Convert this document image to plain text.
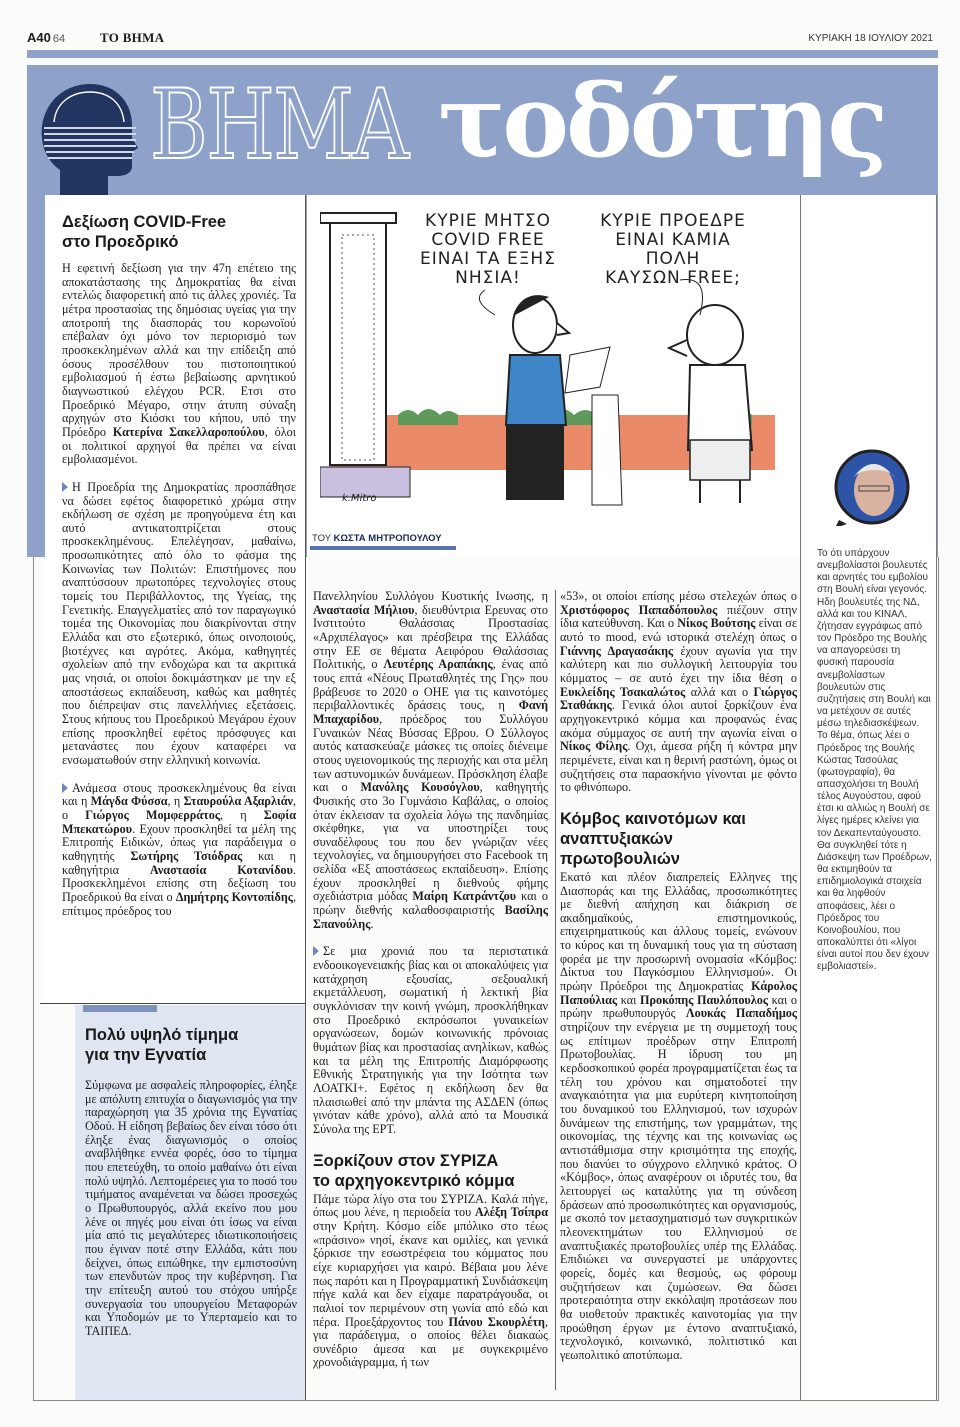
Α40 64	ΤΟ ΒΗΜΑ	ΚΥΡΙΑΚΗ 18 ΙΟΥΛΙΟΥ 2021
ΒΗΜΑ τοδότης
k.Mitro
ΚΥΡΙΕ ΜΗΤΣΟ
COVID FREE
ΕΙΝΑΙ ΤΑ ΕΞΗΣ
ΝΗΣΙΑ!
ΚΥΡΙΕ ΠΡΟΕΔΡΕ
ΕΙΝΑΙ ΚΑΜΙΑ
ΠΟΛΗ
ΚΑΥΣΩΝ FREE;
ΤΟΥ ΚΩΣΤΑ ΜΗΤΡΟΠΟΥΛΟΥ
Δεξίωση COVID-Free
στο Προεδρικό

Η εφετινή δεξίωση για την 47η επέτειο της αποκατάστασης της Δημοκρατίας θα είναι εντελώς διαφορετική από τις άλλες χρονιές. Τα μέτρα προστασίας της δημόσιας υγείας για την αποτροπή της διασποράς του κορωνοϊού επέβαλαν όχι μόνο τον περιορισμό των προσκεκλημένων αλλά και την επίδειξη από όσους προσέλθουν του πιστοποιητικού εμβολιασμού ή έστω βεβαίωσης αρνητικού διαγνωστικού ελέγχου PCR. Ετσι στο Προεδρικό Μέγαρο, στην άτυπη σύναξη αρχηγών στο Κιόσκι του κήπου, υπό την Πρόεδρο Κατερίνα Σακελλαροπούλου, όλοι οι πολιτικοί αρχηγοί θα πρέπει να είναι εμβολιασμένοι.

Η Προεδρία της Δημοκρατίας προσπάθησε να δώσει εφέτος διαφορετικό χρώμα στην εκδήλωση σε σχέση με προηγούμενα έτη και αυτό αντικατοπτρίζεται στους προσκεκλημένους. Επελέγησαν, μαθαίνω, προσωπικότητες από όλο το φάσμα της Κοινωνίας των Πολιτών: Επιστήμονες που αναπτύσσουν πρωτοπόρες τεχνολογίες στους τομείς του Περιβάλλοντος, της Υγείας, της Γενετικής. Επαγγελματίες από τον παραγωγικό τομέα της Οικονομίας που διακρίνονται στην Ελλάδα και στο εξωτερικό, όπως οινοποιούς, βιοτέχνες και αγρότες. Ακόμα, καθηγητές σχολείων από την ενδοχώρα και τα ακριτικά μας νησιά, οι οποίοι δοκιμάστηκαν με την εξ αποστάσεως εκπαίδευση, καθώς και μαθητές που διέπρεψαν στις πανελλήνιες εξετάσεις. Στους κήπους του Προεδρικού Μεγάρου έχουν επίσης προσκληθεί εφέτος πρόσφυγες και μετανάστες που έχουν καταφέρει να ενσωματωθούν στην ελληνική κοινωνία.

Ανάμεσα στους προσκεκλημένους θα είναι και η Μάγδα Φύσσα, η Σταυρούλα Αξαρλιάν, ο Γιώργος Μομφερράτος, η Σοφία Μπεκατώρου. Εχουν προσκληθεί τα μέλη της Επιτροπής Ειδικών, όπως για παράδειγμα ο καθηγητής Σωτήρης Τσιόδρας και η καθηγήτρια Αναστασία Κοτανίδου. Προσκεκλημένοι επίσης στη δεξίωση του Προεδρικού θα είναι ο Δημήτρης Κοντοπίδης, επίτιμος πρόεδρος του

Πανελληνίου Συλλόγου Κυστικής Ινωσης, η Αναστασία Μήλιου, διευθύντρια Ερευνας στο Ινστιτούτο Θαλάσσιας Προστασίας «Αρχιπέλαγος» και πρέσβειρα της Ελλάδας στην ΕΕ σε θέματα Αειφόρου Θαλάσσιας Πολιτικής, ο Λευτέρης Αραπάκης, ένας από τους επτά «Νέους Πρωταθλητές της Γης» που βράβευσε το 2020 ο ΟΗΕ για τις καινοτόμες περιβαλλοντικές δράσεις τους, η Φανή Μπαχαρίδου, πρόεδρος του Συλλόγου Γυναικών Νέας Βύσσας Εβρου. Ο Σύλλογος αυτός κατασκεύαζε μάσκες τις οποίες διένειμε στους υγειονομικούς της περιοχής και στα μέλη των αστυνομικών δυνάμεων. Πρόσκληση έλαβε και ο Μανόλης Κουσόγλου, καθηγητής Φυσικής στο 3ο Γυμνάσιο Καβάλας, ο οποίος όταν έκλεισαν τα σχολεία λόγω της πανδημίας σκέφθηκε, για να υποστηρίξει τους συναδέλφους του που δεν γνώριζαν νέες τεχνολογίες, να δημιουργήσει στο Facebook τη σελίδα «Εξ αποστάσεως εκπαίδευση». Επίσης έχουν προσκληθεί η διεθνούς φήμης σχεδιάστρια μόδας Μαίρη Κατράντζου και ο πρώην διεθνής καλαθοσφαιριστής Βασίλης Σπανούλης.

Σε μια χρονιά που τα περιστατικά ενδοοικογενειακής βίας και οι αποκαλύψεις για κατάχρηση εξουσίας, σεξουαλική εκμετάλλευση, σωματική ή λεκτική βία συγκλόνισαν την κοινή γνώμη, προσκλήθηκαν στο Προεδρικό εκπρόσωποι γυναικείων οργανώσεων, δομών κοινωνικής πρόνοιας θυμάτων βίας και προστασίας ανηλίκων, καθώς και τα μέλη της Επιτροπής Διαμόρφωσης Εθνικής Στρατηγικής για την Ισότητα των ΛΟΑΤΚΙ+. Εφέτος η εκδήλωση δεν θα πλαισιωθεί από την μπάντα της ΑΣΔΕΝ (όπως γινόταν κάθε χρόνο), αλλά από τα Μουσικά Σύνολα της ΕΡΤ.

Ξορκίζουν στον ΣΥΡΙΖΑ
το αρχηγοκεντρικό κόμμα

Πάμε τώρα λίγο στα του ΣΥΡΙΖΑ. Καλά πήγε, όπως μου λένε, η περιοδεία του Αλέξη Τσίπρα στην Κρήτη. Κόσμο είδε μπόλικο στο τέως «πράσινο» νησί, έκανε και ομιλίες, και γενικά ξόρκισε την εσωστρέφεια του κόμματος που είχε κυριαρχήσει για καιρό. Βέβαια μου λένε πως παρότι και η Προγραμματική Συνδιάσκεψη πήγε καλά και δεν είχαμε παρατράγουδα, οι παλιοί τον περιμένουν στη γωνία από εδώ και πέρα. Προεξάρχοντος του Πάνου Σκουρλέτη, για παράδειγμα, ο οποίος θέλει διακαώς συνέδριο άμεσα και με συγκεκριμένο χρονοδιάγραμμα, ή των

«53», οι οποίοι επίσης μέσω στελεχών όπως ο Χριστόφορος Παπαδόπουλος πιέζουν στην ίδια κατεύθυνση. Και ο Νίκος Βούτσης είναι σε αυτό το mood, ενώ ιστορικά στελέχη όπως ο Γιάννης Δραγασάκης έχουν αγωνία για την καλύτερη και πιο συλλογική λειτουργία του κόμματος – σε αυτό έχει την ίδια θέση ο Ευκλείδης Τσακαλώτος αλλά και ο Γιώργος Σταθάκης. Γενικά όλοι αυτοί ξορκίζουν ένα αρχηγοκεντρικό κόμμα και προφανώς ένας ακόμα σύμμαχος σε αυτή την αγωνία είναι ο Νίκος Φίλης. Οχι, άμεσα ρήξη ή κόντρα μην περιμένετε, είναι και η θερινή ραστώνη, όμως οι συζητήσεις στα παρασκήνιο γίνονται με φόντο το φθινόπωρο.

Κόμβος καινοτόμων και
αναπτυξιακών πρωτοβουλιών

Εκατό και πλέον διαπρεπείς Ελληνες της Διασποράς και της Ελλάδας, προσωπικότητες με διεθνή απήχηση και διάκριση σε ακαδημαϊκούς, επιστημονικούς, επιχειρηματικούς και άλλους τομείς, ενώνουν το κύρος και τη δυναμική τους για τη σύσταση φορέα με την προσωρινή ονομασία «Κόμβος: Δίκτυα του Παγκόσμιου Ελληνισμού». Οι πρώην Πρόεδροι της Δημοκρατίας Κάρολος Παπούλιας και Προκόπης Παυλόπουλος και ο πρώην πρωθυπουργός Λουκάς Παπαδήμος στηρίζουν την ενέργεια με τη συμμετοχή τους ως επίτιμων προέδρων στην Επιτροπή Πρωτοβουλίας. Η ίδρυση του μη κερδοσκοπικού φορέα προγραμματίζεται έως τα τέλη του χρόνου και σηματοδοτεί την αναγκαιότητα για μια ευρύτερη κινητοποίηση του δυναμικού του Ελληνισμού, των ισχυρών δυνάμεων της επιστήμης, των γραμμάτων, της οικονομίας, της τέχνης και της κοινωνίας ως αντιστάθμισμα στην κρισιμότητα της εποχής, που διανύει το σύγχρονο ελληνικό κράτος. Ο «Κόμβος», όπως αναφέρουν οι ιδρυτές του, θα λειτουργεί ως καταλύτης για τη σύνδεση δράσεων από προσωπικότητες και οργανισμούς, με σκοπό τον μετασχηματισμό των συγκριτικών πλεονεκτημάτων του Ελληνισμού σε αναπτυξιακές πρωτοβουλίες υπέρ της Ελλάδας. Επιδιώκει να συνεργαστεί με υπάρχοντες φορείς, δομές και θεσμούς, ως φόρουμ συζητήσεων και ζυμώσεων. Θα δώσει προτεραιότητα στην εκκόλαψη προτάσεων που θα υιοθετούν πρακτικές καινοτομίας για την προώθηση έργων με έντονο αναπτυξιακό, τεχνολογικό, κοινωνικό, πολιτιστικό και γεωπολιτικό αποτύπωμα.

Το ότι υπάρχουν ανεμβολίαστοι βουλευτές και αρνητές του εμβολίου στη Βουλή είναι γεγονός. Ηδη βουλευτές της ΝΔ, αλλά και του ΚΙΝΑΛ, ζήτησαν εγγράφως από τον Πρόεδρο της Βουλής να απαγορεύσει τη φυσική παρουσία ανεμβολίαστων βουλευτών στις συζητήσεις στη Βουλή και να μετέχουν σε αυτές μέσω τηλεδιασκέψεων. Το θέμα, όπως λέει ο Πρόεδρος της Βουλής Κώστας Τασούλας (φωτογραφία), θα απασχολήσει τη Βουλή τέλος Αυγούστου, αφού έτσι κι αλλιώς η Βουλή σε λίγες ημέρες κλείνει για τον Δεκαπενταύγουστο. Θα συγκληθεί τότε η Διάσκεψη των Προέδρων, θα εκτιμηθούν τα επιδημιολογικά στοιχεία και θα ληφθούν αποφάσεις, λέει ο Πρόεδρος του Κοινοβουλίου, που αποκαλύπτει ότι «λίγοι είναι αυτοί που δεν έχουν εμβολιαστεί».
Πολύ υψηλό τίμημα
για την Εγνατία

Σύμφωνα με ασφαλείς πληροφορίες, έληξε με απόλυτη επιτυχία ο διαγωνισμός για την παραχώρηση για 35 χρόνια της Εγνατίας Οδού. Η είδηση βεβαίως δεν είναι τόσο ότι έληξε ένας διαγωνισμός ο οποίος αναβλήθηκε εννέα φορές, όσο το τίμημα που επετεύχθη, το οποίο μαθαίνω ότι είναι πολύ υψηλό. Λεπτομέρειες για το ποσό του τιμήματος αναμένεται να δώσει προσεχώς ο Πρωθυπουργός, αλλά εκείνο που μου λένε οι πηγές μου είναι ότι ίσως να είναι μία από τις μεγαλύτερες ιδιωτικοποιήσεις που έγιναν ποτέ στην Ελλάδα, κάτι που δείχνει, όπως ειπώθηκε, την εμπιστοσύνη των επενδυτών προς την κυβέρνηση. Για την επίτευξη αυτού του στόχου υπήρξε συνεργασία του υπουργείου Μεταφορών και Υποδομών με το Υπερταμείο και το ΤΑΙΠΕΔ.
